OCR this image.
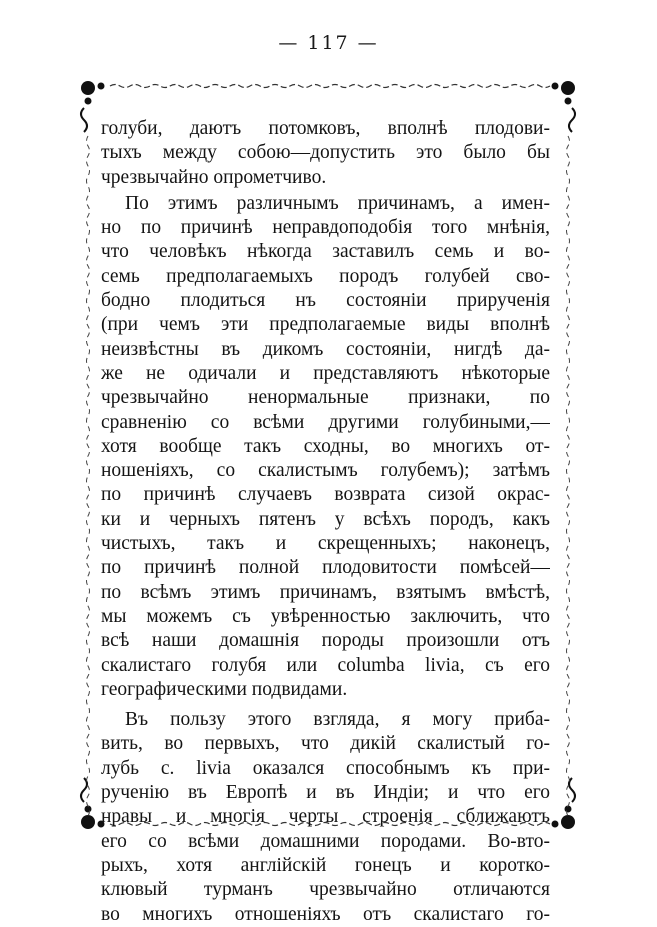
— 117 —

голуби, даютъ потомковъ, вполнѣ плодови-
тыхъ между собою—допустить это было бы
чрезвычайно опрометчиво.

По этимъ различнымъ причинамъ, а имен-
но по причинѣ неправдоподобія того мнѣнія,
что человѣкъ нѣкогда заставилъ семь и во-
семь предполагаемыхъ породъ голубей сво-
бодно плодиться нъ состояніи прирученія
(при чемъ эти предполагаемые виды вполнѣ
неизвѣстны въ дикомъ состояніи, нигдѣ да-
же не одичали и представляютъ нѣкоторые
чрезвычайно ненормальные признаки, по
сравненію со всѣми другими голубиными,—
хотя вообще такъ сходны, во многихъ от-
ношеніяхъ, со скалистымъ голубемъ); затѣмъ
по причинѣ случаевъ возврата сизой окрас-
ки и черныхъ пятенъ у всѣхъ породъ, какъ
чистыхъ, такъ и скрещенныхъ; наконецъ,
по причинѣ полной плодовитости помѣсей—
по всѣмъ этимъ причинамъ, взятымъ вмѣстѣ,
мы можемъ съ увѣренностью заключить, что
всѣ наши домашнія породы произошли отъ
скалистаго голубя или columba livia, съ его
географическими подвидами.

Въ пользу этого взгляда, я могу приба-
вить, во первыхъ, что дикій скалистый го-
лубь с. livia оказался способнымъ къ при-
рученію въ Европѣ и въ Индіи; и что его
нравы и многія черты строенія сближаютъ
его со всѣми домашними породами. Во-вто-
рыхъ, хотя англійскій гонецъ и коротко-
клювый турманъ чрезвычайно отличаются
во многихъ отношеніяхъ отъ скалистаго го-
